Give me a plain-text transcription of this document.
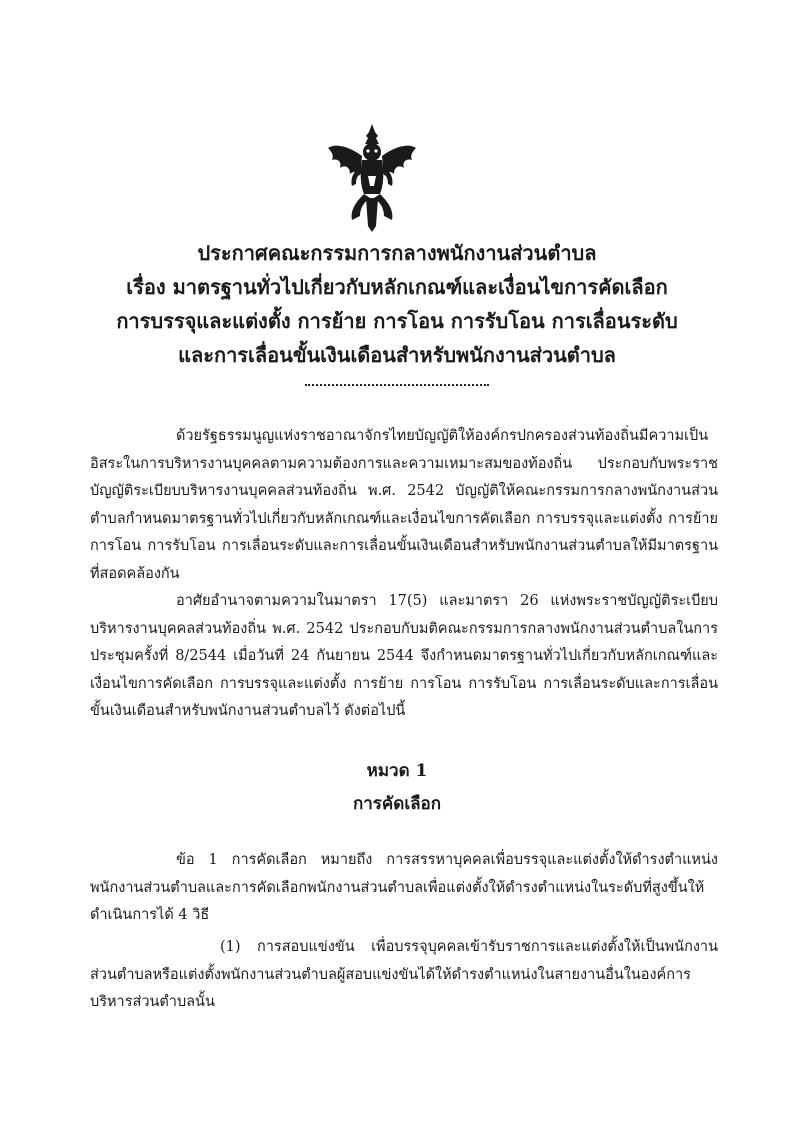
ประกาศคณะกรรมการกลางพนักงานส่วนตำบล
เรื่อง มาตรฐานทั่วไปเกี่ยวกับหลักเกณฑ์และเงื่อนไขการคัดเลือก
การบรรจุและแต่งตั้ง การย้าย การโอน การรับโอน การเลื่อนระดับ
และการเลื่อนขั้นเงินเดือนสำหรับพนักงานส่วนตำบล
ด้วยรัฐธรรมนูญแห่งราชอาณาจักรไทยบัญญัติให้องค์กรปกครองส่วนท้องถิ่นมีความเป็นอิสระในการบริหารงานบุคคลตามความต้องการและความเหมาะสมของท้องถิ่น ประกอบกับพระราชบัญญัติระเบียบบริหารงานบุคคลส่วนท้องถิ่น พ.ศ. 2542 บัญญัติให้คณะกรรมการกลางพนักงานส่วนตำบลกำหนดมาตรฐานทั่วไปเกี่ยวกับหลักเกณฑ์และเงื่อนไขการคัดเลือก การบรรจุและแต่งตั้ง การย้าย การโอน การรับโอน การเลื่อนระดับและการเลื่อนขั้นเงินเดือนสำหรับพนักงานส่วนตำบลให้มีมาตรฐานที่สอดคล้องกัน
อาศัยอำนาจตามความในมาตรา 17(5) และมาตรา 26 แห่งพระราชบัญญัติระเบียบบริหารงานบุคคลส่วนท้องถิ่น พ.ศ. 2542 ประกอบกับมติคณะกรรมการกลางพนักงานส่วนตำบลในการประชุมครั้งที่ 8/2544 เมื่อวันที่ 24 กันยายน 2544 จึงกำหนดมาตรฐานทั่วไปเกี่ยวกับหลักเกณฑ์และเงื่อนไขการคัดเลือก การบรรจุและแต่งตั้ง การย้าย การโอน การรับโอน การเลื่อนระดับและการเลื่อนขั้นเงินเดือนสำหรับพนักงานส่วนตำบลไว้ ดังต่อไปนี้
หมวด 1
การคัดเลือก
ข้อ 1 การคัดเลือก หมายถึง การสรรหาบุคคลเพื่อบรรจุและแต่งตั้งให้ดำรงตำแหน่งพนักงานส่วนตำบลและการคัดเลือกพนักงานส่วนตำบลเพื่อแต่งตั้งให้ดำรงตำแหน่งในระดับที่สูงขึ้นให้ดำเนินการได้ 4 วิธี
(1) การสอบแข่งขัน เพื่อบรรจุบุคคลเข้ารับราชการและแต่งตั้งให้เป็นพนักงานส่วนตำบลหรือแต่งตั้งพนักงานส่วนตำบลผู้สอบแข่งขันได้ให้ดำรงตำแหน่งในสายงานอื่นในองค์การบริหารส่วนตำบลนั้น
